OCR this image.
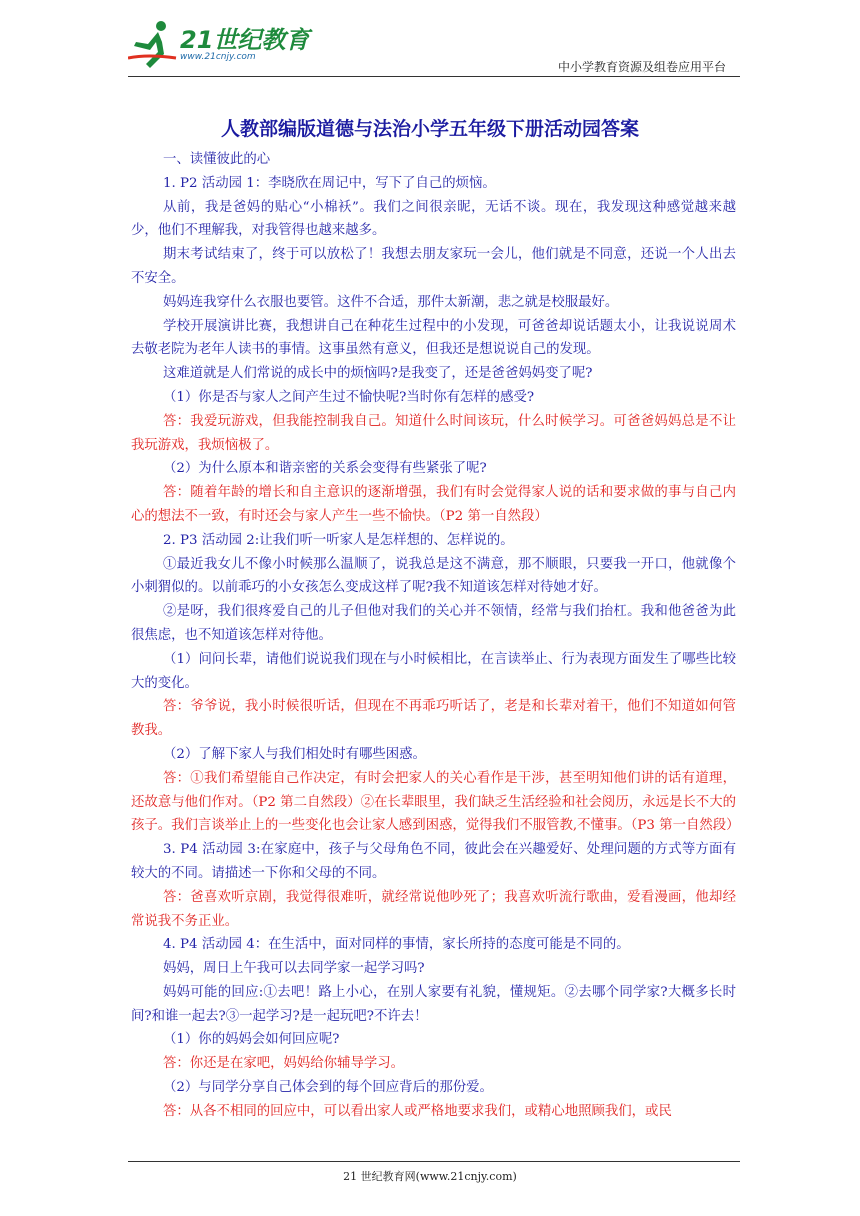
21世纪教育
www.21cnjy.com
中小学教育资源及组卷应用平台
人教部编版道德与法治小学五年级下册活动园答案

一、读懂彼此的心

1. P2 活动园 1：李晓欣在周记中，写下了自己的烦恼。

从前，我是爸妈的贴心“小棉袄”。我们之间很亲昵，无话不谈。现在，我发现这种感觉越来越少，他们不理解我，对我管得也越来越多。

期末考试结束了，终于可以放松了！我想去朋友家玩一会儿，他们就是不同意，还说一个人出去不安全。

妈妈连我穿什么衣服也要管。这件不合适，那件太新潮，悲之就是校服最好。

学校开展演讲比赛，我想讲自己在种花生过程中的小发现，可爸爸却说话题太小，让我说说周术去敬老院为老年人读书的事情。这事虽然有意义，但我还是想说说自己的发现。

这难道就是人们常说的成长中的烦恼吗?是我变了，还是爸爸妈妈变了呢?

（1）你是否与家人之间产生过不愉快呢?当时你有怎样的感受?

答：我爱玩游戏，但我能控制我自己。知道什么时间该玩，什么时候学习。可爸爸妈妈总是不让我玩游戏，我烦恼极了。

（2）为什么原本和谐亲密的关系会变得有些紧张了呢?

答：随着年龄的增长和自主意识的逐渐增强，我们有时会觉得家人说的话和要求做的事与自己内心的想法不一致，有时还会与家人产生一些不愉快。（P2 第一自然段）

2. P3 活动园 2:让我们听一听家人是怎样想的、怎样说的。

①最近我女儿不像小时候那么温顺了，说我总是这不满意，那不顺眼，只要我一开口，他就像个小刺猬似的。以前乖巧的小女孩怎么变成这样了呢?我不知道该怎样对待她才好。

②是呀，我们很疼爱自己的儿子但他对我们的关心并不领情，经常与我们抬杠。我和他爸爸为此很焦虑，也不知道该怎样对待他。

（1）问问长辈，请他们说说我们现在与小时候相比，在言读举止、行为表现方面发生了哪些比较大的变化。

答：爷爷说，我小时候很听话，但现在不再乖巧听话了，老是和长辈对着干，他们不知道如何管教我。

（2）了解下家人与我们相处时有哪些困惑。

答：①我们希望能自己作决定，有时会把家人的关心看作是干涉，甚至明知他们讲的话有道理，还故意与他们作对。（P2 第二自然段）②在长辈眼里，我们缺乏生活经验和社会阅历，永远是长不大的孩子。我们言谈举止上的一些变化也会让家人感到困惑，觉得我们不服管教,不懂事。（P3 第一自然段）

3. P4 活动园 3:在家庭中，孩子与父母角色不同，彼此会在兴趣爱好、处理问题的方式等方面有较大的不同。请描述一下你和父母的不同。

答：爸喜欢听京剧，我觉得很难听，就经常说他吵死了；我喜欢听流行歌曲，爱看漫画，他却经常说我不务正业。

4. P4 活动园 4：在生活中，面对同样的事情，家长所持的态度可能是不同的。

妈妈，周日上午我可以去同学家一起学习吗?

妈妈可能的回应:①去吧！路上小心，在别人家要有礼貌，懂规矩。②去哪个同学家?大概多长时间?和谁一起去?③一起学习?是一起玩吧?不许去！

（1）你的妈妈会如何回应呢?

答：你还是在家吧，妈妈给你辅导学习。

（2）与同学分享自己体会到的每个回应背后的那份爱。

答：从各不相同的回应中，可以看出家人或严格地要求我们，或精心地照顾我们，或民

21 世纪教育网(www.21cnjy.com)
